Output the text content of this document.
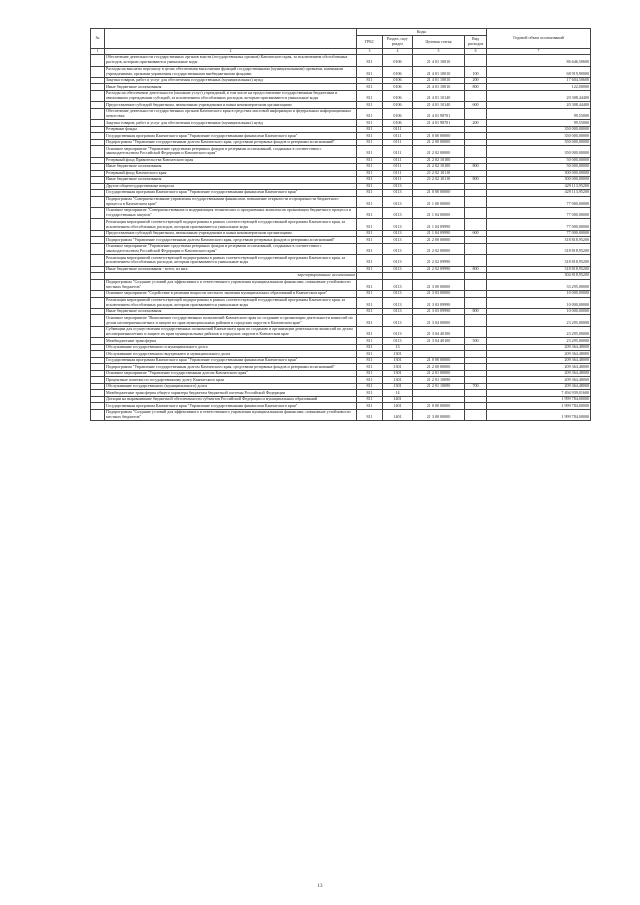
№		Коды				Годовой объем ассигнований
		ГРБС	Раздел, под-раздел	Целевая статья	Вид расходов	
1	2	3	4	5	6	7
	Обеспечение деятельности государственных органов власти (государственных органов) Камчатского края, за исключением обособленных расходов, которым присваиваются уникальные коды	811	0106	21 4 01 10010		86 646,50600
	Расходы на выплаты персоналу в целях обеспечения выполнения функций государственными (муниципальными) органами, казенными учреждениями, органами управления государственными внебюджетными фондами	811	0106	21 4 01 10010	100	68 919,90000
	Закупка товаров, работ и услуг для обеспечения государственных (муниципальных) нужд	811	0106	21 4 01 10010	200	17 604,50600
	Иные бюджетные ассигнования	811	0106	21 4 01 10010	800	122,00000
	Расходы на обеспечение деятельности (оказание услуг) учреждений, в том числе на предоставление государственным бюджетным и автономным учреждениям субсидий, за исключением обособленных расходов, которым присваиваются уникальные коды	811	0106	21 4 01 10140		20 308,44400
	Предоставление субсидий бюджетным, автономным учреждениям и иным некоммерческим организациям	811	0106	21 4 01 10140	600	20 308,44400
	Обеспечение деятельности государственных органов Камчатского края в средствах массовой информации и федеральных информационных агентствах	811	0106	21 4 01 98701		99,55000
	Закупка товаров, работ и услуг для обеспечения государственных (муниципальных) нужд	811	0106	21 4 01 98701	200	99,55000
	Резервные фонды	811	0111			350 000,00000
	Государственная программа Камчатского края "Управление государственными финансами Камчатского края"	811	0111	21 0 00 00000		350 000,00000
	Подпрограмма "Управление государственным долгом Камчатского края, средствами резервных фондов и резервами ассигнований"	811	0111	21 2 00 00000		350 000,00000
	Основное мероприятие "Управление средствами резервных фондов и резервами ассигнований, созданных в соответствии с законодательством Российской Федерации и Камчатского края"	811	0111	21 2 02 00000		350 000,00000
	Резервный фонд Правительства Камчатского края	811	0111	21 2 02 10100		50 000,00000
	Иные бюджетные ассигнования	811	0111	21 2 02 10100	800	50 000,00000
	Резервный фонд Камчатского края	811	0111	21 2 02 10110		300 000,00000
	Иные бюджетные ассигнования	811	0111	21 2 02 10110	800	300 000,00000
	Другие общегосударственные вопросы	811	0113			429 113,95200
	Государственная программа Камчатского края "Управление государственными финансами Камчатского края"	811	0113	21 0 00 00000		429 113,95200
	Подпрограмма "Совершенствование управления государственными финансами, повышение открытости и прозрачности бюджетного процесса в Камчатском крае"	811	0113	21 1 00 00000		77 000,00000
	Основное мероприятие "Совершенствование и модернизация технических и программных комплексов организации бюджетного процесса и государственных закупок"	811	0113	21 1 04 00000		77 000,00000
	Реализация мероприятий соответствующей подпрограммы в рамках соответствующей государственной программы Камчатского края, за исключением обособленных расходов, которым присваиваются уникальные коды	811	0113	21 1 04 09990		77 000,00000
	Предоставление субсидий бюджетным, автономным учреждениям и иным некоммерческим организациям	811	0113	21 1 04 09990	600	77 000,00000
	Подпрограмма "Управление государственным долгом Камчатского края, средствами резервных фондов и резервами ассигнований"	811	0113	21 2 00 00000		318 818,95200
	Основное мероприятие "Управление средствами резервных фондов и резервами ассигнований, созданных в соответствии с законодательством Российской Федерации и Камчатского края"	811	0113	21 2 02 00000		318 818,95200
	Реализация мероприятий соответствующей подпрограммы в рамках соответствующей государственной программы Камчатского края, за исключением обособленных расходов, которым присваиваются уникальные коды	811	0113	21 2 02 09990		318 818,95200
	Иные бюджетные ассигнования - всего, из них:	811	0113	21 2 02 09990	800	318 818,95200
	зарезервированные ассигнования					304 818,95200
	Подпрограмма "Создание условий для эффективного и ответственного управления муниципальными финансами, повышение устойчивости местных бюджетов"	811	0113	21 3 00 00000		33 295,00000
	Основное мероприятие "Содействие в решении вопросов местного значения муниципальных образований в Камчатском крае"	811	0113	21 3 03 00000		10 000,00000
	Реализация мероприятий соответствующей подпрограммы в рамках соответствующей государственной программы Камчатского края, за исключением обособленных расходов, которым присваиваются уникальные коды	811	0113	21 3 03 09990		10 000,00000
	Иные бюджетные ассигнования	811	0113	21 3 03 09990	800	10 000,00000
	Основное мероприятие "Выполнение государственных полномочий Камчатского края по созданию и организации деятельности комиссий по делам несовершеннолетних и защите их прав муниципальных районов и городских округов в Камчатском крае"	811	0113	21 3 04 00000		23 295,00000
	Субвенции для осуществления государственных полномочий Камчатского края по созданию и организации деятельности комиссий по делам несовершеннолетних и защите их прав муниципальных районов и городских округов в Камчатском крае	811	0113	21 3 04 40100		23 295,00000
	Межбюджетные трансферты	811	0113	21 3 04 40100	500	23 295,00000
	Обслуживание государственного и муниципального долга	811	13			209 364,48000
	Обслуживание государственного внутреннего и муниципального долга	811	1301			209 364,48000
	Государственная программа Камчатского края "Управление государственными финансами Камчатского края"	811	1301	21 0 00 00000		209 364,48000
	Подпрограмма "Управление государственным долгом Камчатского края, средствами резервных фондов и резервами ассигнований"	811	1301	21 2 00 00000		209 364,48000
	Основное мероприятие "Управление государственным долгом Камчатского края"	811	1301	21 2 01 00000		209 364,48000
	Процентные платежи по государственному долгу Камчатского края	811	1301	21 2 01 10090		209 364,48000
	Обслуживание государственного (муниципального) долга	811	1301	21 2 01 10090	700	209 364,48000
	Межбюджетные трансферты общего характера бюджетам бюджетной системы Российской Федерации	811	14			7 494 939,01600
	Дотации на выравнивание бюджетной обеспеченности субъектов Российской Федерации и муниципальных образований	811	1401			1 999 784,00000
	Государственная программа Камчатского края "Управление государственными финансами Камчатского края"	811	1401	21 0 00 00000		1 999 784,00000
	Подпрограмма "Создание условий для эффективного и ответственного управления муниципальными финансами, повышение устойчивости местных бюджетов"	811	1401	21 3 00 00000		1 999 784,00000
13
